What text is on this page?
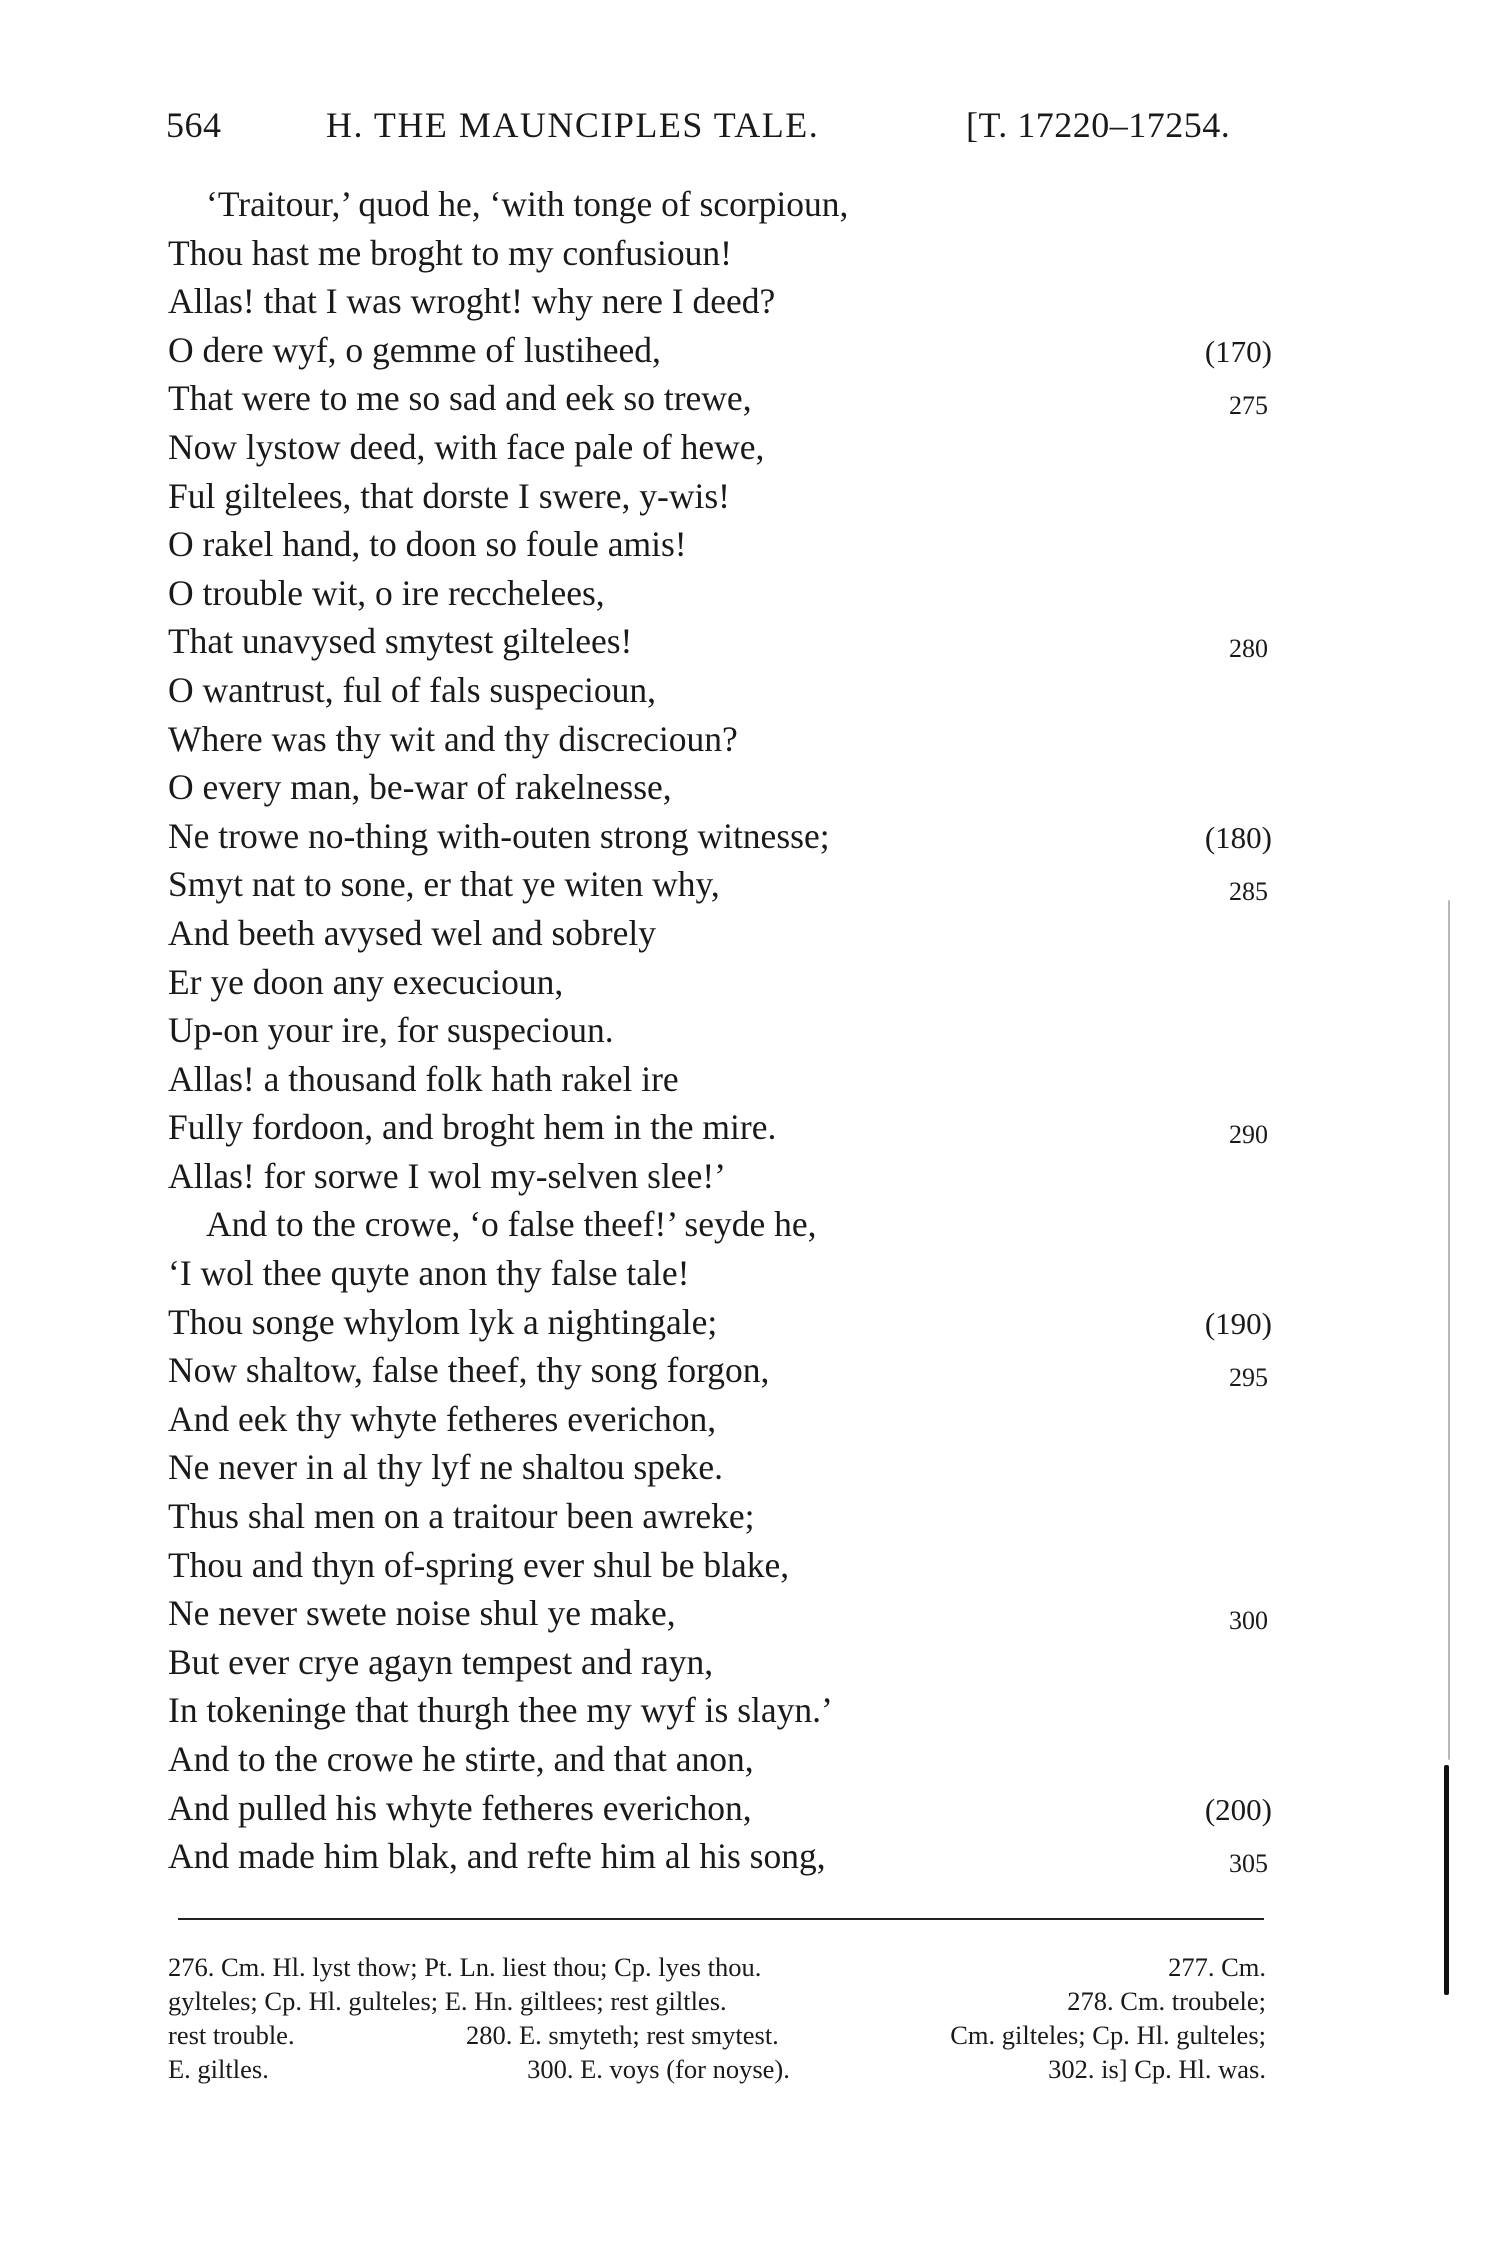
564	H. THE MAUNCIPLES TALE.	[T. 17220–17254.
‘Traitour,’ quod he, ‘with tonge of scorpioun,
Thou hast me broght to my confusioun!
Allas! that I was wroght! why nere I deed?
O dere wyf, o gemme of lustiheed,	(170)
That were to me so sad and eek so trewe,	275
Now lystow deed, with face pale of hewe,
Ful giltelees, that dorste I swere, y-wis!
O rakel hand, to doon so foule amis!
O trouble wit, o ire recchelees,
That unavysed smytest giltelees!	280
O wantrust, ful of fals suspecioun,
Where was thy wit and thy discrecioun?
O every man, be-war of rakelnesse,
Ne trowe no-thing with-outen strong witnesse;	(180)
Smyt nat to sone, er that ye witen why,	285
And beeth avysed wel and sobrely
Er ye doon any execucioun,
Up-on your ire, for suspecioun.
Allas! a thousand folk hath rakel ire
Fully fordoon, and broght hem in the mire.	290
Allas! for sorwe I wol my-selven slee!’
And to the crowe, ‘o false theef!’ seyde he,
‘I wol thee quyte anon thy false tale!
Thou songe whylom lyk a nightingale;	(190)
Now shaltow, false theef, thy song forgon,	295
And eek thy whyte fetheres everichon,
Ne never in al thy lyf ne shaltou speke.
Thus shal men on a traitour been awreke;
Thou and thyn of-spring ever shul be blake,
Ne never swete noise shul ye make,	300
But ever crye agayn tempest and rayn,
In tokeninge that thurgh thee my wyf is slayn.’
And to the crowe he stirte, and that anon,
And pulled his whyte fetheres everichon,	(200)
And made him blak, and refte him al his song,	305
276. Cm. Hl. lyst thow; Pt. Ln. liest thou; Cp. lyes thou.	277. Cm.
gylteles; Cp. Hl. gulteles; E. Hn. giltlees; rest giltles.	278. Cm. troubele;
rest trouble.	280. E. smyteth; rest smytest.	Cm. gilteles; Cp. Hl. gulteles;
E. giltles.	300. E. voys (for noyse).	302. is] Cp. Hl. was.
